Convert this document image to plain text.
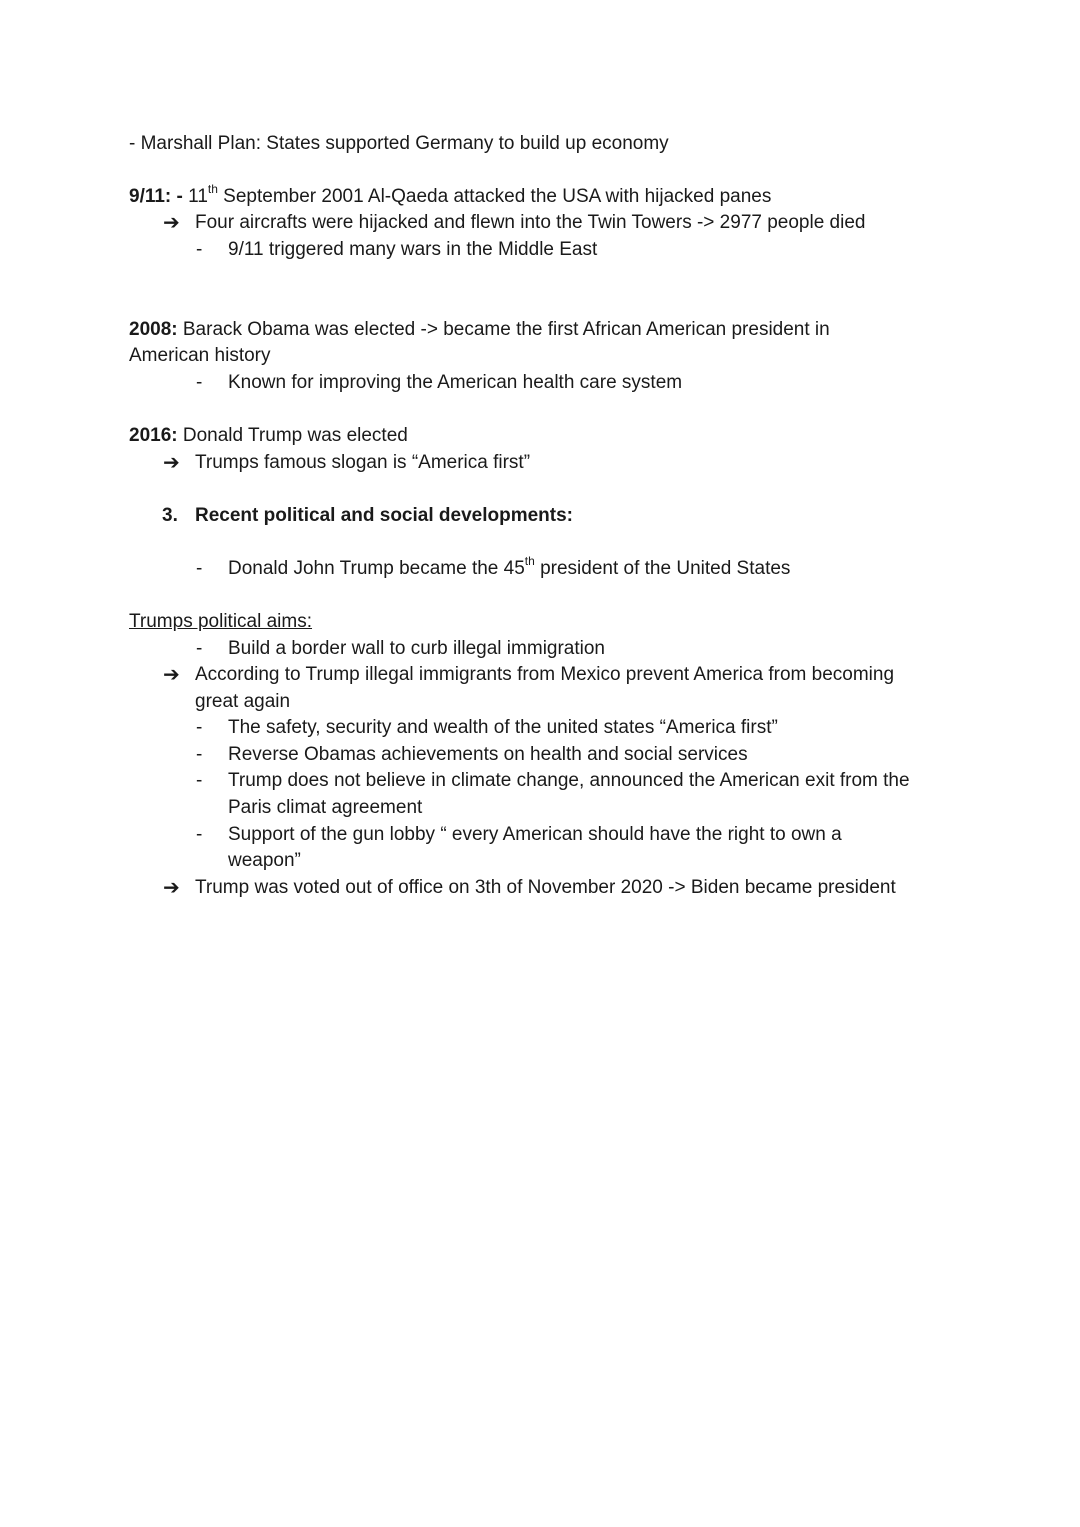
- Marshall Plan: States supported Germany to build up economy
9/11: - 11th September 2001 Al-Qaeda attacked the USA with hijacked panes
➔ Four aircrafts were hijacked and flewn into the Twin Towers -> 2977 people died
-	9/11 triggered many wars in the Middle East
2008: Barack Obama was elected -> became the first African American president in
American history
-	Known for improving the American health care system
2016: Donald Trump was elected
➔ Trumps famous slogan is “America first”
3. Recent political and social developments:
-	Donald John Trump became the 45th president of the United States
Trumps political aims:
-	Build a border wall to curb illegal immigration
➔ According to Trump illegal immigrants from Mexico prevent America from becoming
great again
-	The safety, security and wealth of the united states “America first”
-	Reverse Obamas achievements on health and social services
-	Trump does not believe in climate change, announced the American exit from the
Paris climat agreement
-	Support of the gun lobby “ every American should have the right to own a
weapon”
➔ Trump was voted out of office on 3th of November 2020 -> Biden became president
